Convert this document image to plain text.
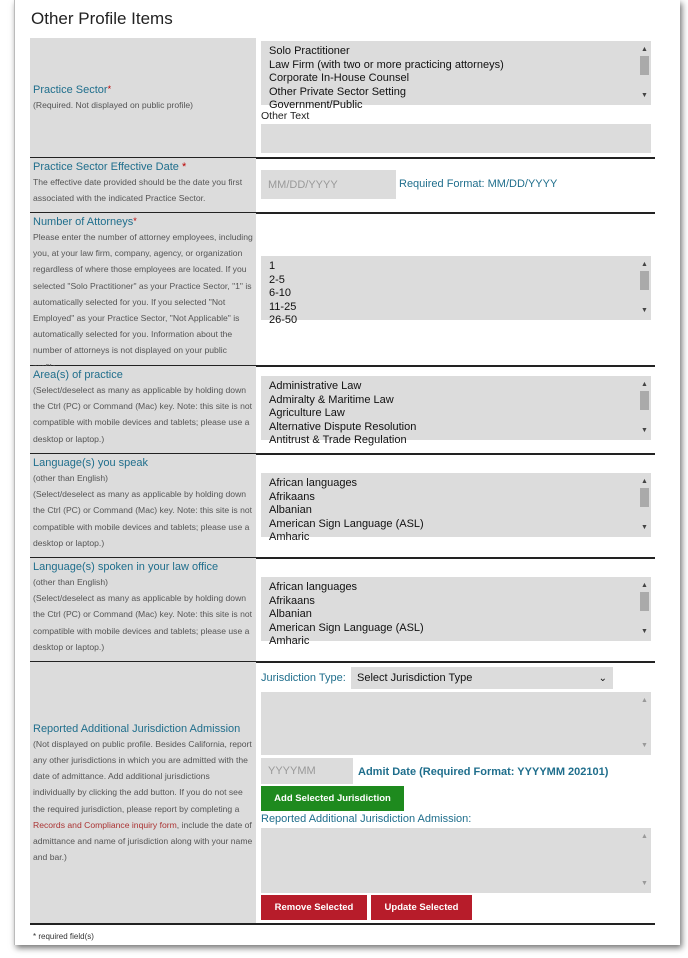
Other Profile Items
Practice Sector*
(Required. Not displayed on public profile)
Solo Practitioner
Law Firm (with two or more practicing attorneys)
Corporate In-House Counsel
Other Private Sector Setting
Government/Public
▲
▼
Other Text
Practice Sector Effective Date *
The effective date provided should be the date you first associated with the indicated Practice Sector.
MM/DD/YYYY	Required Format: MM/DD/YYYY
Number of Attorneys*
Please enter the number of attorney employees, including you, at your law firm, company, agency, or organization regardless of where those employees are located. If you selected "Solo Practitioner" as your Practice Sector, "1" is automatically selected for you. If you selected "Not Employed" as your Practice Sector, "Not Applicable" is automatically selected for you. Information about the number of attorneys is not displayed on your public
1
2-5
6-10
11-25
26-50
▲
▼
Area(s) of practice
(Select/deselect as many as applicable by holding down the Ctrl (PC) or Command (Mac) key. Note: this site is not compatible with mobile devices and tablets; please use a desktop or laptop.)
Administrative Law
Admiralty & Maritime Law
Agriculture Law
Alternative Dispute Resolution
Antitrust & Trade Regulation
▲
▼
Language(s) you speak
(other than English)
(Select/deselect as many as applicable by holding down the Ctrl (PC) or Command (Mac) key. Note: this site is not compatible with mobile devices and tablets; please use a desktop or laptop.)
African languages
Afrikaans
Albanian
American Sign Language (ASL)
Amharic
▲
▼
Language(s) spoken in your law office
(other than English)
(Select/deselect as many as applicable by holding down the Ctrl (PC) or Command (Mac) key. Note: this site is not compatible with mobile devices and tablets; please use a desktop or laptop.)
African languages
Afrikaans
Albanian
American Sign Language (ASL)
Amharic
▲
▼
Reported Additional Jurisdiction Admission
(Not displayed on public profile. Besides California, report any other jurisdictions in which you are admitted with the date of admittance. Add additional jurisdictions individually by clicking the add button. If you do not see the required jurisdiction, please report by completing a Records and Compliance inquiry form, include the date of admittance and name of jurisdiction along with your name and bar.)
Jurisdiction Type: Select Jurisdiction Type	⌄
▲
▼
YYYYMM	Admit Date (Required Format: YYYYMM 202101)
Add Selected Jurisdiction
Reported Additional Jurisdiction Admission:
▲
▼
Remove Selected	Update Selected
* required field(s)
